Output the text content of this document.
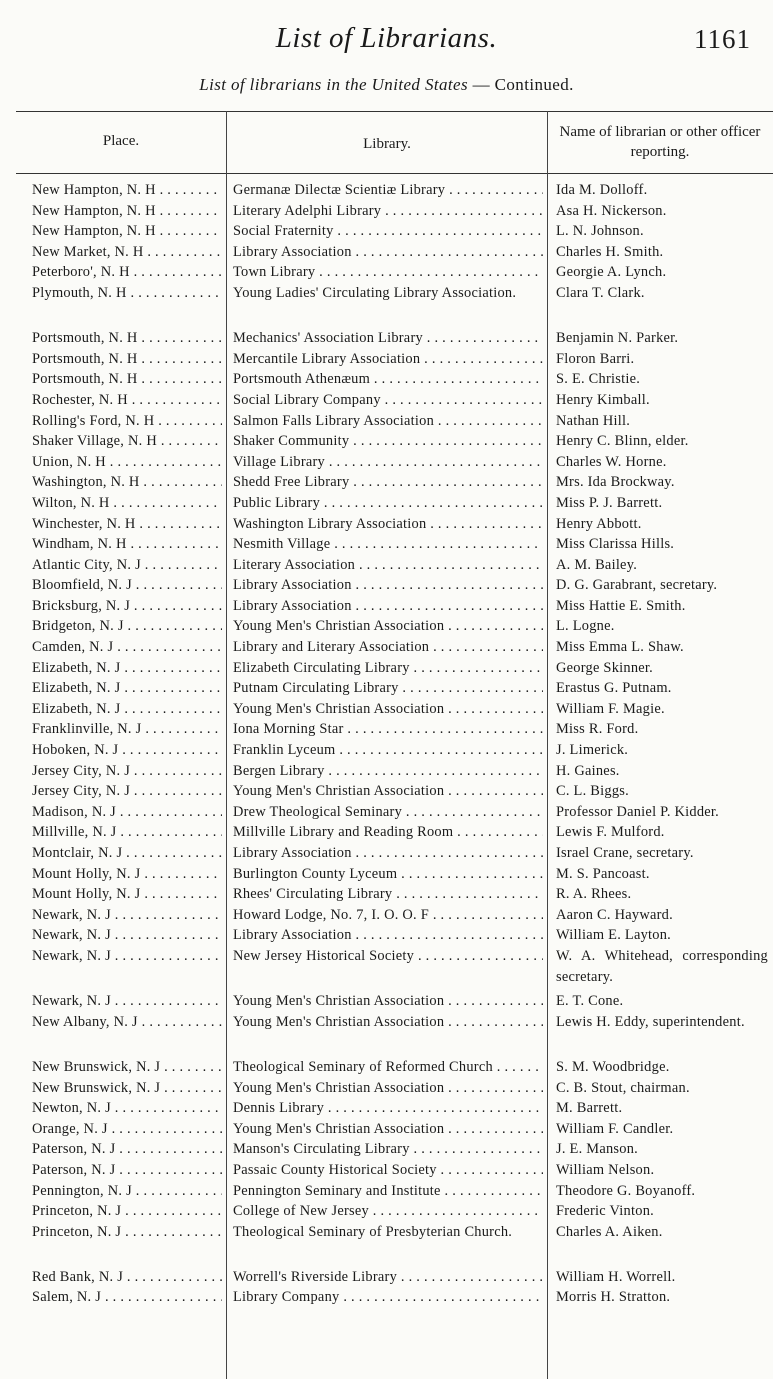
List of Librarians.	1161
List of librarians in the United States — Continued.
Place.	Library.
Name of librarian or other officer reporting.
New Hampton, N. H . . .	Germanæ Dilectæ Scientiæ Library . . .	Ida M. Dolloff.
New Hampton, N. H . . .	Literary Adelphi Library . . .	Asa H. Nickerson.
New Hampton, N. H . . .	Social Fraternity . . .	L. N. Johnson.
New Market, N. H . . .	Library Association . . .	Charles H. Smith.
Peterboro', N. H . . .	Town Library . . .	Georgie A. Lynch.
Plymouth, N. H . . .	Young Ladies' Circulating Library Association.	Clara T. Clark.
Portsmouth, N. H . . .	Mechanics' Association Library . . .	Benjamin N. Parker.
Portsmouth, N. H . . .	Mercantile Library Association . . .	Floron Barri.
Portsmouth, N. H . . .	Portsmouth Athenæum . . .	S. E. Christie.
Rochester, N. H . . .	Social Library Company . . .	Henry Kimball.
Rolling's Ford, N. H . . .	Salmon Falls Library Association . . .	Nathan Hill.
Shaker Village, N. H . . .	Shaker Community . . .	Henry C. Blinn, elder.
Union, N. H . . .	Village Library . . .	Charles W. Horne.
Washington, N. H . . .	Shedd Free Library . . .	Mrs. Ida Brockway.
Wilton, N. H . . .	Public Library . . .	Miss P. J. Barrett.
Winchester, N. H . . .	Washington Library Association . . .	Henry Abbott.
Windham, N. H . . .	Nesmith Village . . .	Miss Clarissa Hills.
Atlantic City, N. J . . .	Literary Association . . .	A. M. Bailey.
Bloomfield, N. J . . .	Library Association . . .	D. G. Garabrant, secretary.
Bricksburg, N. J . . .	Library Association . . .	Miss Hattie E. Smith.
Bridgeton, N. J . . .	Young Men's Christian Association . . .	L. Logne.
Camden, N. J . . .	Library and Literary Association . . .	Miss Emma L. Shaw.
Elizabeth, N. J . . .	Elizabeth Circulating Library . . .	George Skinner.
Elizabeth, N. J . . .	Putnam Circulating Library . . .	Erastus G. Putnam.
Elizabeth, N. J . . .	Young Men's Christian Association . . .	William F. Magie.
Franklinville, N. J . . .	Iona Morning Star . . .	Miss R. Ford.
Hoboken, N. J . . .	Franklin Lyceum . . .	J. Limerick.
Jersey City, N. J . . .	Bergen Library . . .	H. Gaines.
Jersey City, N. J . . .	Young Men's Christian Association . . .	C. L. Biggs.
Madison, N. J . . .	Drew Theological Seminary . . .	Professor Daniel P. Kidder.
Millville, N. J . . .	Millville Library and Reading Room . . .	Lewis F. Mulford.
Montclair, N. J . . .	Library Association . . .	Israel Crane, secretary.
Mount Holly, N. J . . .	Burlington County Lyceum . . .	M. S. Pancoast.
Mount Holly, N. J . . .	Rhees' Circulating Library . . .	R. A. Rhees.
Newark, N. J . . .	Howard Lodge, No. 7, I. O. O. F . . .	Aaron C. Hayward.
Newark, N. J . . .	Library Association . . .	William E. Layton.
Newark, N. J . . .	New Jersey Historical Society . . .	W. A. Whitehead, corresponding secretary.
Newark, N. J . . .	Young Men's Christian Association . . .	E. T. Cone.
New Albany, N. J . . .	Young Men's Christian Association . . .	Lewis H. Eddy, superintendent.
New Brunswick, N. J . . .	Theological Seminary of Reformed Church . . .	S. M. Woodbridge.
New Brunswick, N. J . . .	Young Men's Christian Association . . .	C. B. Stout, chairman.
Newton, N. J . . .	Dennis Library . . .	M. Barrett.
Orange, N. J . . .	Young Men's Christian Association . . .	William F. Candler.
Paterson, N. J . . .	Manson's Circulating Library . . .	J. E. Manson.
Paterson, N. J . . .	Passaic County Historical Society . . .	William Nelson.
Pennington, N. J . . .	Pennington Seminary and Institute . . .	Theodore G. Boyanoff.
Princeton, N. J . . .	College of New Jersey . . .	Frederic Vinton.
Princeton, N. J . . .	Theological Seminary of Presbyterian Church.	Charles A. Aiken.
Red Bank, N. J . . .	Worrell's Riverside Library . . .	William H. Worrell.
Salem, N. J . . .	Library Company . . .	Morris H. Stratton.
